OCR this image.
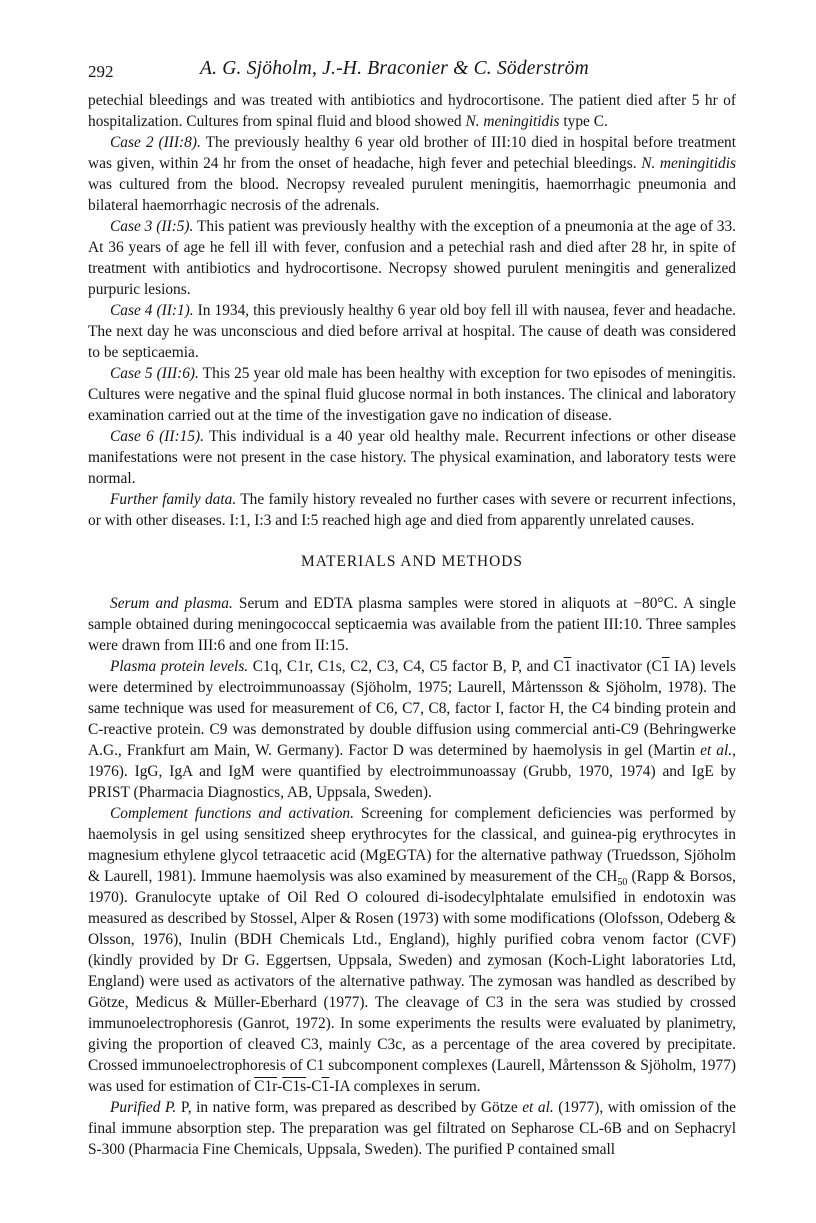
292	A. G. Sjöholm, J.-H. Braconier & C. Söderström

petechial bleedings and was treated with antibiotics and hydrocortisone. The patient died after 5 hr of hospitalization. Cultures from spinal fluid and blood showed N. meningitidis type C.

Case 2 (III:8). The previously healthy 6 year old brother of III:10 died in hospital before treatment was given, within 24 hr from the onset of headache, high fever and petechial bleedings. N. meningitidis was cultured from the blood. Necropsy revealed purulent meningitis, haemorrhagic pneumonia and bilateral haemorrhagic necrosis of the adrenals.

Case 3 (II:5). This patient was previously healthy with the exception of a pneumonia at the age of 33. At 36 years of age he fell ill with fever, confusion and a petechial rash and died after 28 hr, in spite of treatment with antibiotics and hydrocortisone. Necropsy showed purulent meningitis and generalized purpuric lesions.

Case 4 (II:1). In 1934, this previously healthy 6 year old boy fell ill with nausea, fever and headache. The next day he was unconscious and died before arrival at hospital. The cause of death was considered to be septicaemia.

Case 5 (III:6). This 25 year old male has been healthy with exception for two episodes of meningitis. Cultures were negative and the spinal fluid glucose normal in both instances. The clinical and laboratory examination carried out at the time of the investigation gave no indication of disease.

Case 6 (II:15). This individual is a 40 year old healthy male. Recurrent infections or other disease manifestations were not present in the case history. The physical examination, and laboratory tests were normal.

Further family data. The family history revealed no further cases with severe or recurrent infections, or with other diseases. I:1, I:3 and I:5 reached high age and died from apparently unrelated causes.

MATERIALS AND METHODS

Serum and plasma. Serum and EDTA plasma samples were stored in aliquots at −80°C. A single sample obtained during meningococcal septicaemia was available from the patient III:10. Three samples were drawn from III:6 and one from II:15.

Plasma protein levels. C1q, C1r, C1s, C2, C3, C4, C5 factor B, P, and C1 inactivator (C1 IA) levels were determined by electroimmunoassay (Sjöholm, 1975; Laurell, Mårtensson & Sjöholm, 1978). The same technique was used for measurement of C6, C7, C8, factor I, factor H, the C4 binding protein and C-reactive protein. C9 was demonstrated by double diffusion using commercial anti-C9 (Behringwerke A.G., Frankfurt am Main, W. Germany). Factor D was determined by haemolysis in gel (Martin et al., 1976). IgG, IgA and IgM were quantified by electroimmunoassay (Grubb, 1970, 1974) and IgE by PRIST (Pharmacia Diagnostics, AB, Uppsala, Sweden).

Complement functions and activation. Screening for complement deficiencies was performed by haemolysis in gel using sensitized sheep erythrocytes for the classical, and guinea-pig erythrocytes in magnesium ethylene glycol tetraacetic acid (MgEGTA) for the alternative pathway (Truedsson, Sjöholm & Laurell, 1981). Immune haemolysis was also examined by measurement of the $CH_{50}$ (Rapp & Borsos, 1970). Granulocyte uptake of Oil Red O coloured di-isodecylphtalate emulsified in endotoxin was measured as described by Stossel, Alper & Rosen (1973) with some modifications (Olofsson, Odeberg & Olsson, 1976), Inulin (BDH Chemicals Ltd., England), highly purified cobra venom factor (CVF) (kindly provided by Dr G. Eggertsen, Uppsala, Sweden) and zymosan (Koch-Light laboratories Ltd, England) were used as activators of the alternative pathway. The zymosan was handled as described by Götze, Medicus & Müller-Eberhard (1977). The cleavage of C3 in the sera was studied by crossed immunoelectrophoresis (Ganrot, 1972). In some experiments the results were evaluated by planimetry, giving the proportion of cleaved C3, mainly C3c, as a percentage of the area covered by precipitate. Crossed immunoelectrophoresis of C1 subcomponent complexes (Laurell, Mårtensson & Sjöholm, 1977) was used for estimation of C1r-C1s-C1-IA complexes in serum.

Purified P. P, in native form, was prepared as described by Götze et al. (1977), with omission of the final immune absorption step. The preparation was gel filtrated on Sepharose CL-6B and on Sephacryl S-300 (Pharmacia Fine Chemicals, Uppsala, Sweden). The purified P contained small
